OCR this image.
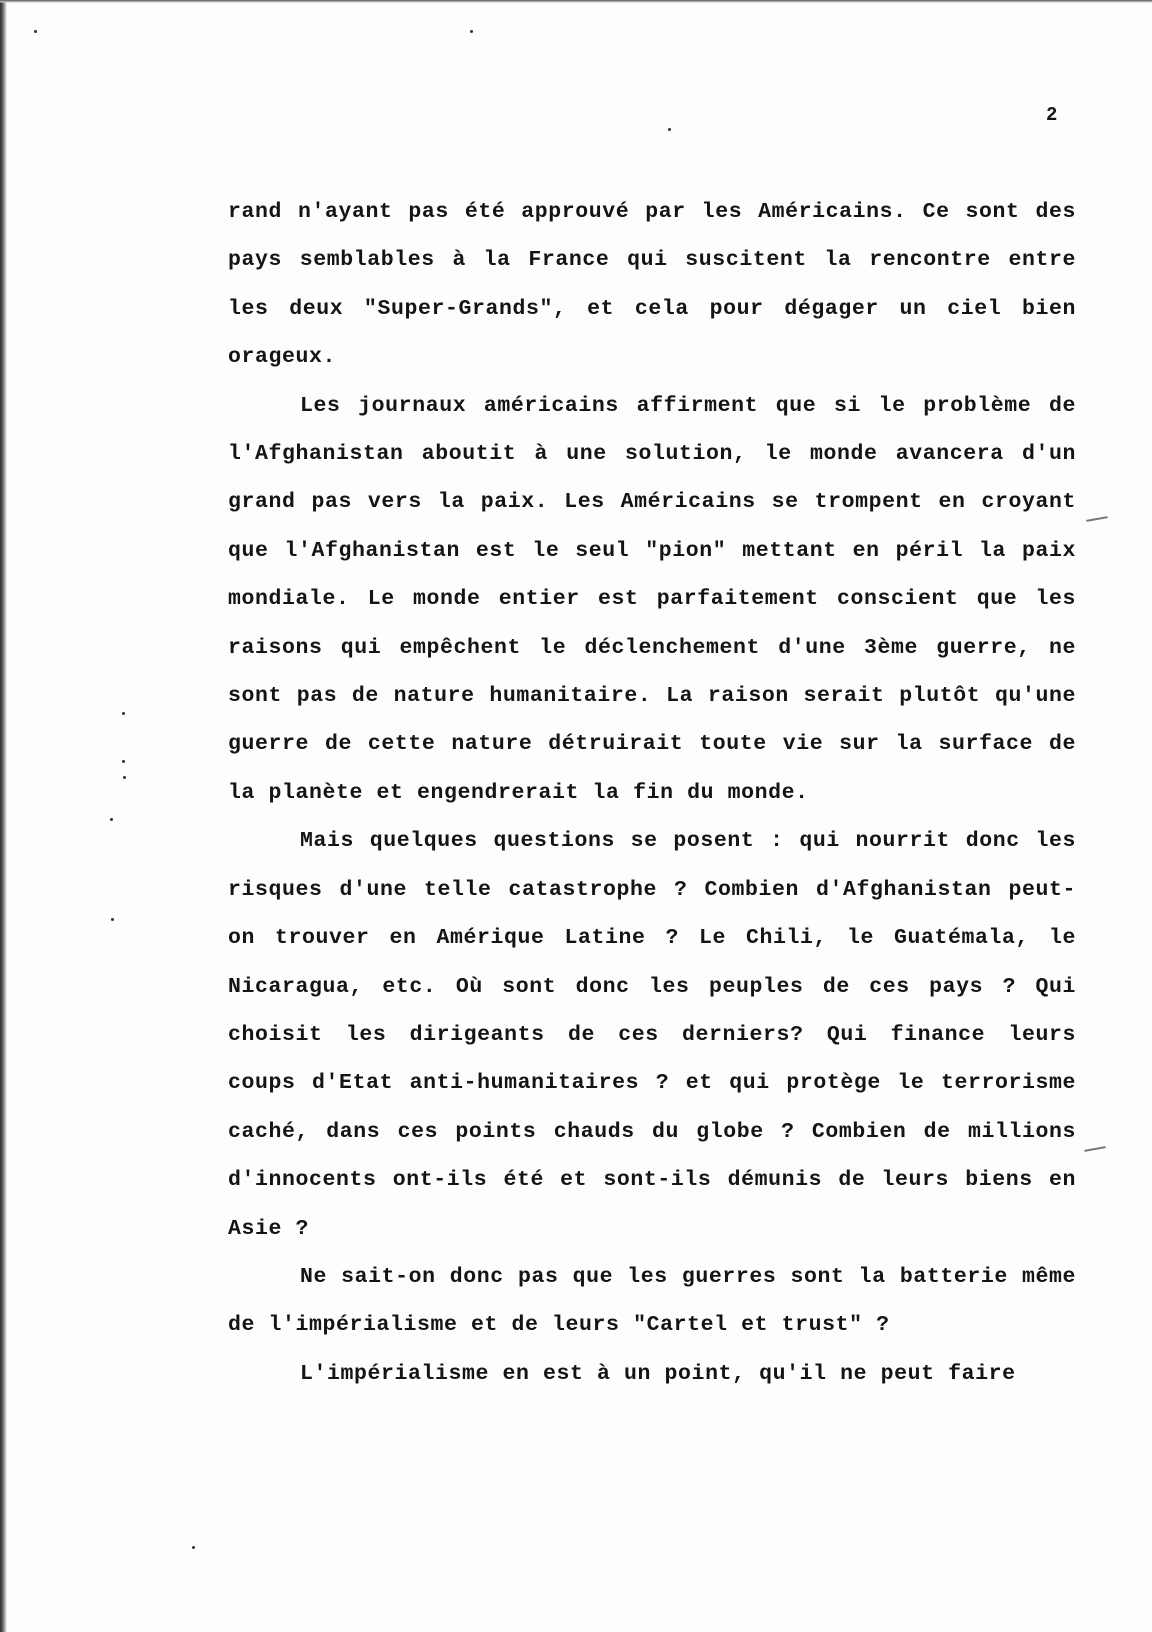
2

rand n'ayant pas été approuvé par les Américains. Ce sont des pays semblables à la France qui suscitent la rencontre entre les deux "Super-Grands", et cela pour dégager un ciel bien orageux.

Les journaux américains affirment que si le problème de l'Afghanistan aboutit à une solution, le monde avancera d'un grand pas vers la paix. Les Américains se trompent en croyant que l'Afghanistan est le seul "pion" mettant en péril la paix mondiale. Le monde entier est parfaitement conscient que les raisons qui empêchent le déclenchement d'une 3ème guerre, ne sont pas de nature humanitaire. La raison serait plutôt qu'une guerre de cette nature détruirait toute vie sur la surface de la planète et engendrerait la fin du monde.

Mais quelques questions se posent : qui nourrit donc les risques d'une telle catastrophe ? Combien d'Afghanistan peut-on trouver en Amérique Latine ? Le Chili, le Guatémala, le Nicaragua, etc. Où sont donc les peuples de ces pays ? Qui choisit les dirigeants de ces derniers? Qui finance leurs coups d'Etat anti-humanitaires ? et qui protège le terrorisme caché, dans ces points chauds du globe ? Combien de millions d'innocents ont-ils été et sont-ils démunis de leurs biens en Asie ?

Ne sait-on donc pas que les guerres sont la batterie même de l'impérialisme et de leurs "Cartel et trust" ?

L'impérialisme en est à un point, qu'il ne peut faire
